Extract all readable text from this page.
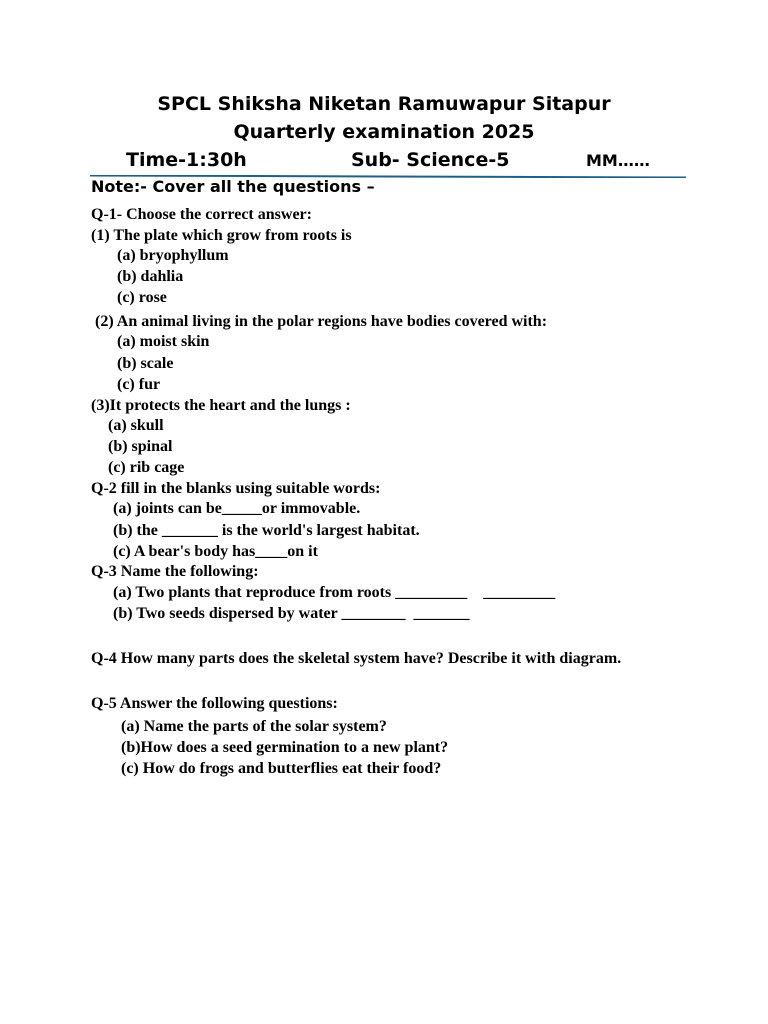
SPCL Shiksha Niketan Ramuwapur Sitapur
Quarterly examination 2025
Time-1:30h	Sub- Science-5	MM……
Note:- Cover all the questions –
Q-1- Choose the correct answer:
(1) The plate which grow from roots is
(a) bryophyllum
(b) dahlia
(c) rose
(2) An animal living in the polar regions have bodies covered with:
(a) moist skin
(b) scale
(c) fur
(3)It protects the heart and the lungs :
(a) skull
(b) spinal
(c) rib cage
Q-2 fill in the blanks using suitable words:
(a) joints can be_____or immovable.
(b) the _______ is the world's largest habitat.
(c) A bear's body has____on it
Q-3 Name the following:
(a) Two plants that reproduce from roots _________    _________
(b) Two seeds dispersed by water ________  _______
Q-4 How many parts does the skeletal system have? Describe it with diagram.
Q-5 Answer the following questions:
(a) Name the parts of the solar system?
(b)How does a seed germination to a new plant?
(c) How do frogs and butterflies eat their food?
